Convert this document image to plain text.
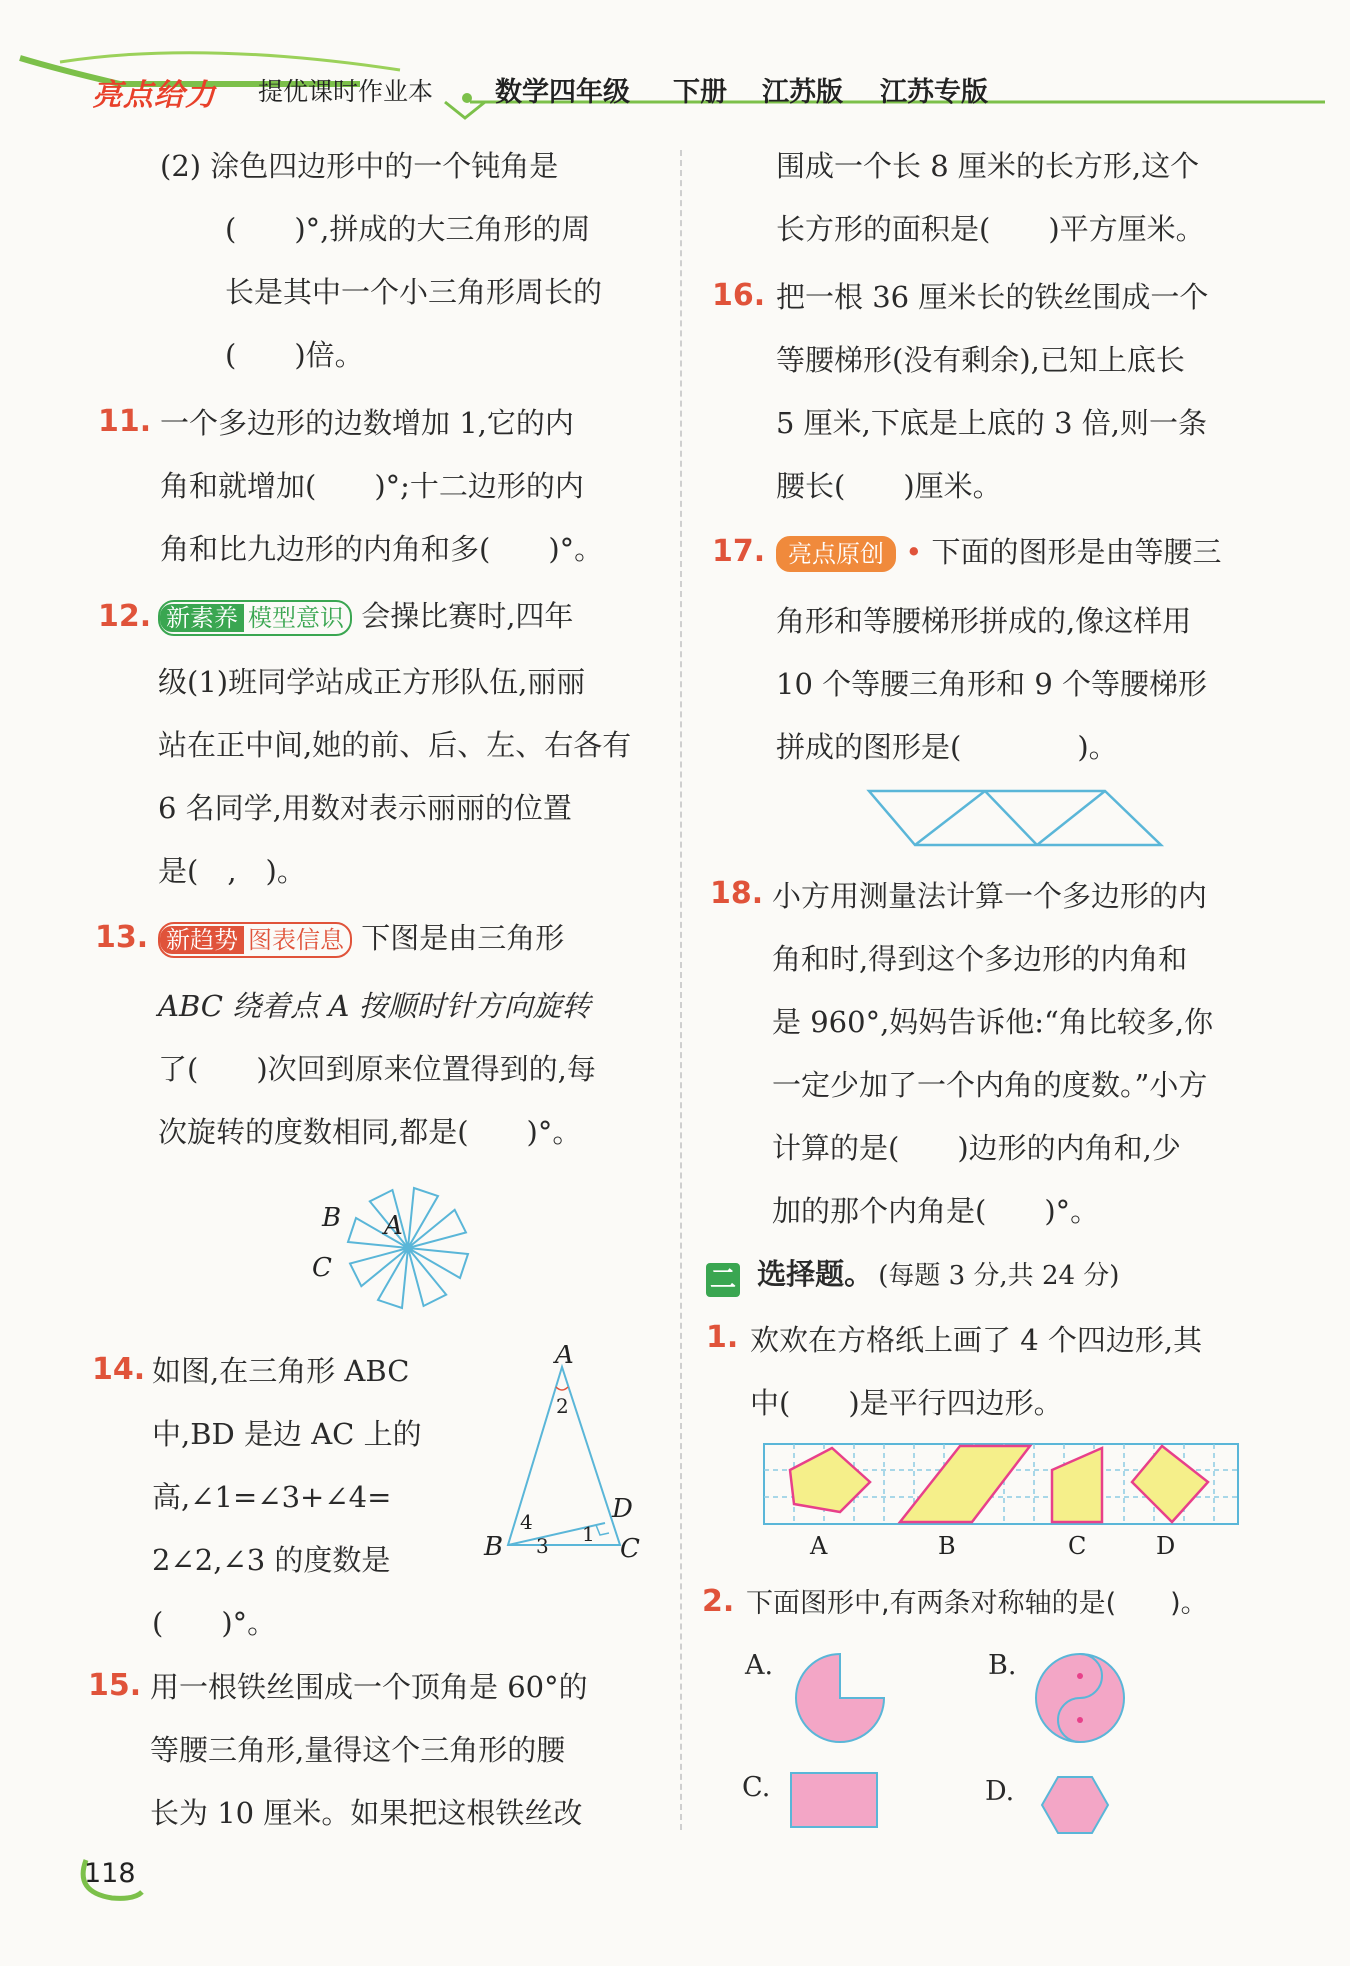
亮点给力 提优课时作业本 数学四年级 下册 江苏版 江苏专版
(2) 涂色四边形中的一个钝角是
(　　)°,拼成的大三角形的周
长是其中一个小三角形周长的
(　　)倍。
11. 一个多边形的边数增加 1,它的内
角和就增加(　　)°;十二边形的内
角和比九边形的内角和多(　　)°。
12. 新素养 模型意识 会操比赛时,四年
级(1)班同学站成正方形队伍,丽丽
站在正中间,她的前、后、左、右各有
6 名同学,用数对表示丽丽的位置
是(　,　)。
13. 新趋势 图表信息 下图是由三角形
ABC 绕着点 A 按顺时针方向旋转
了(　　)次回到原来位置得到的,每
次旋转的度数相同,都是(　　)°。
B A
C
14. 如图,在三角形 ABC
中,BD 是边 AC 上的
高,∠1=∠3+∠4=
2∠2,∠3 的度数是
(　　)°。
A
B	C
D
1
2
3
4
15. 用一根铁丝围成一个顶角是 60°的
等腰三角形,量得这个三角形的腰
长为 10 厘米。如果把这根铁丝改
118
围成一个长 8 厘米的长方形,这个
长方形的面积是(　　)平方厘米。
16. 把一根 36 厘米长的铁丝围成一个
等腰梯形(没有剩余),已知上底长
5 厘米,下底是上底的 3 倍,则一条
腰长(　　)厘米。
17. 亮点原创 • 下面的图形是由等腰三
角形和等腰梯形拼成的,像这样用
10 个等腰三角形和 9 个等腰梯形
拼成的图形是(　　　　)。
18. 小方用测量法计算一个多边形的内
角和时,得到这个多边形的内角和
是 960°,妈妈告诉他:“角比较多,你
一定少加了一个内角的度数。”小方
计算的是(　　)边形的内角和,少
加的那个内角是(　　)°。
二 选择题。 (每题 3 分,共 24 分)
1. 欢欢在方格纸上画了 4 个四边形,其
中(　　)是平行四边形。
A	B	C	D
2. 下面图形中,有两条对称轴的是(　　)。
A.	B.
C.	D.
